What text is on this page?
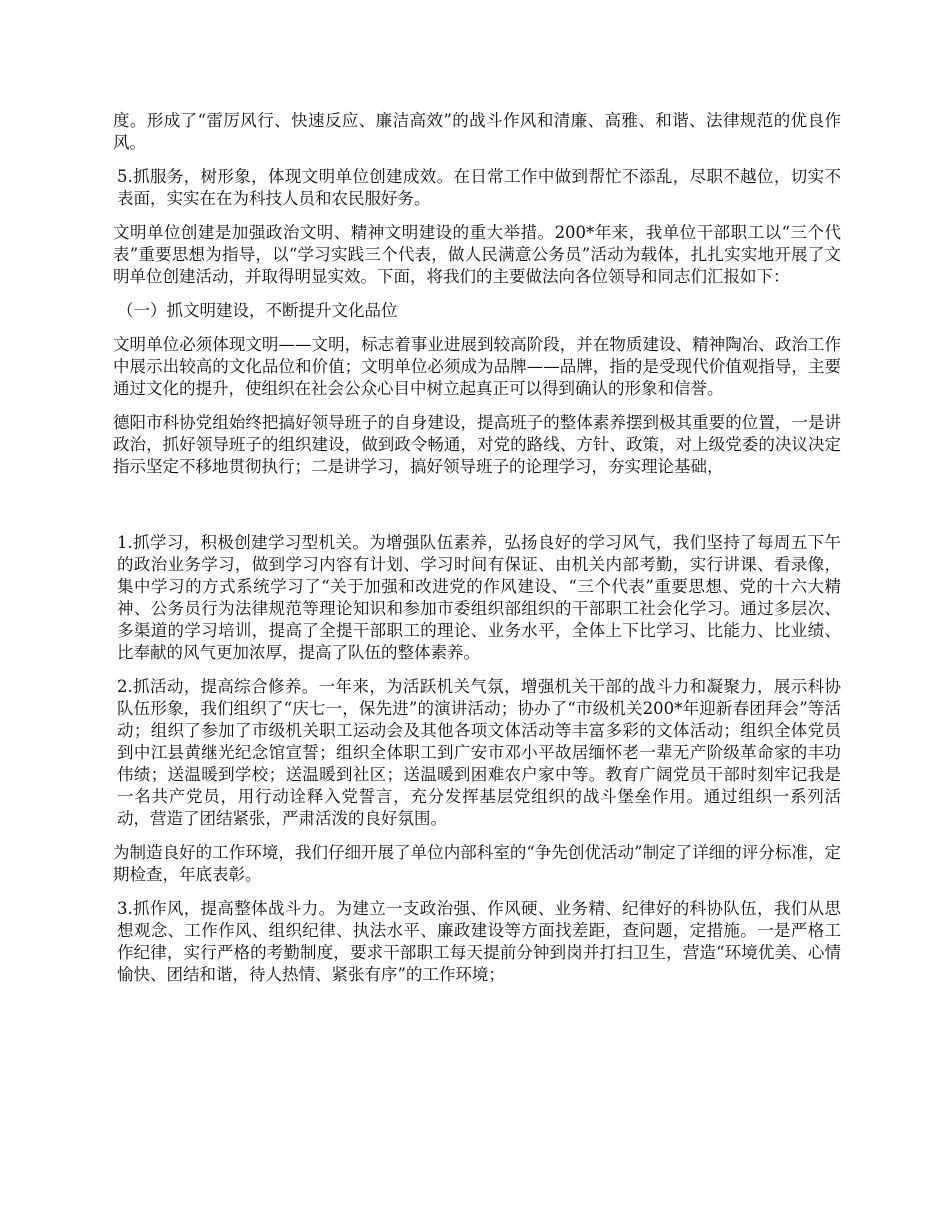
度。形成了“雷厉风行、快速反应、廉洁高效”的战斗作风和清廉、高雅、和谐、法律规范的优良作风。

5.抓服务，树形象，体现文明单位创建成效。在日常工作中做到帮忙不添乱，尽职不越位，切实不表面，实实在在为科技人员和农民服好务。

文明单位创建是加强政治文明、精神文明建设的重大举措。200*年来，我单位干部职工以“三个代表”重要思想为指导，以“学习实践三个代表，做人民满意公务员”活动为载体，扎扎实实地开展了文明单位创建活动，并取得明显实效。下面，将我们的主要做法向各位领导和同志们汇报如下：

（一）抓文明建设，不断提升文化品位

文明单位必须体现文明——文明，标志着事业进展到较高阶段，并在物质建设、精神陶冶、政治工作中展示出较高的文化品位和价值；文明单位必须成为品牌——品牌，指的是受现代价值观指导，主要通过文化的提升，使组织在社会公众心目中树立起真正可以得到确认的形象和信誉。

德阳市科协党组始终把搞好领导班子的自身建设，提高班子的整体素养摆到极其重要的位置，一是讲政治，抓好领导班子的组织建设，做到政令畅通，对党的路线、方针、政策，对上级党委的决议决定指示坚定不移地贯彻执行；二是讲学习，搞好领导班子的论理学习，夯实理论基础，

1.抓学习，积极创建学习型机关。为增强队伍素养，弘扬良好的学习风气，我们坚持了每周五下午的政治业务学习，做到学习内容有计划、学习时间有保证、由机关内部考勤，实行讲课、看录像，集中学习的方式系统学习了“关于加强和改进党的作风建设、“三个代表”重要思想、党的十六大精神、公务员行为法律规范等理论知识和参加市委组织部组织的干部职工社会化学习。通过多层次、多渠道的学习培训，提高了全提干部职工的理论、业务水平，全体上下比学习、比能力、比业绩、比奉献的风气更加浓厚，提高了队伍的整体素养。

2.抓活动，提高综合修养。一年来，为活跃机关气氛，增强机关干部的战斗力和凝聚力，展示科协队伍形象，我们组织了“庆七一，保先进”的演讲活动；协办了“市级机关200*年迎新春团拜会”等活动；组织了参加了市级机关职工运动会及其他各项文体活动等丰富多彩的文体活动；组织全体党员到中江县黄继光纪念馆宣誓；组织全体职工到广安市邓小平故居缅怀老一辈无产阶级革命家的丰功伟绩；送温暖到学校；送温暖到社区；送温暖到困难农户家中等。教育广阔党员干部时刻牢记我是一名共产党员，用行动诠释入党誓言，充分发挥基层党组织的战斗堡垒作用。通过组织一系列活动，营造了团结紧张，严肃活泼的良好氛围。

为制造良好的工作环境，我们仔细开展了单位内部科室的“争先创优活动”制定了详细的评分标准，定期检查，年底表彰。

3.抓作风，提高整体战斗力。为建立一支政治强、作风硬、业务精、纪律好的科协队伍，我们从思想观念、工作作风、组织纪律、执法水平、廉政建设等方面找差距，查问题，定措施。一是严格工作纪律，实行严格的考勤制度，要求干部职工每天提前分钟到岗并打扫卫生，营造“环境优美、心情愉快、团结和谐，待人热情、紧张有序”的工作环境；
